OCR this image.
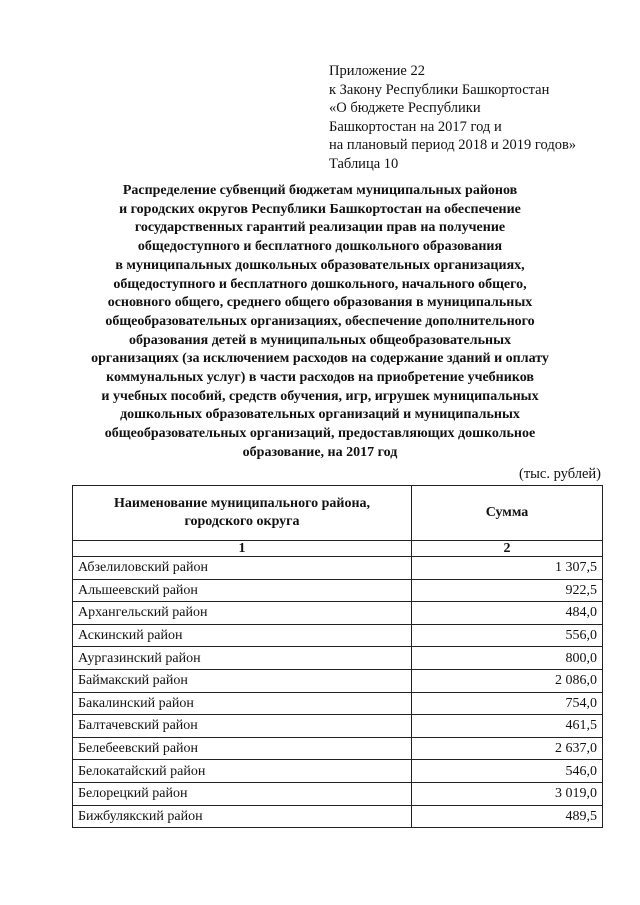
Приложение 22
к Закону Республики Башкортостан
«О бюджете Республики
Башкортостан на 2017 год и
на плановый период 2018 и 2019 годов»
Таблица 10
Распределение субвенций бюджетам муниципальных районов
и городских округов Республики Башкортостан на обеспечение
государственных гарантий реализации прав на получение
общедоступного и бесплатного дошкольного образования
в муниципальных дошкольных образовательных организациях,
общедоступного и бесплатного дошкольного, начального общего,
основного общего, среднего общего образования в муниципальных
общеобразовательных организациях, обеспечение дополнительного
образования детей в муниципальных общеобразовательных
организациях (за исключением расходов на содержание зданий и оплату
коммунальных услуг) в части расходов на приобретение учебников
и учебных пособий, средств обучения, игр, игрушек муниципальных
дошкольных образовательных организаций и муниципальных
общеобразовательных организаций, предоставляющих дошкольное
образование, на 2017 год
(тыс. рублей)
Наименование муниципального района,
городского округа	Сумма
1	2
Абзелиловский район	1 307,5
Альшеевский район	922,5
Архангельский район	484,0
Аскинский район	556,0
Аургазинский район	800,0
Баймакский район	2 086,0
Бакалинский район	754,0
Балтачевский район	461,5
Белебеевский район	2 637,0
Белокатайский район	546,0
Белорецкий район	3 019,0
Бижбулякский район	489,5
